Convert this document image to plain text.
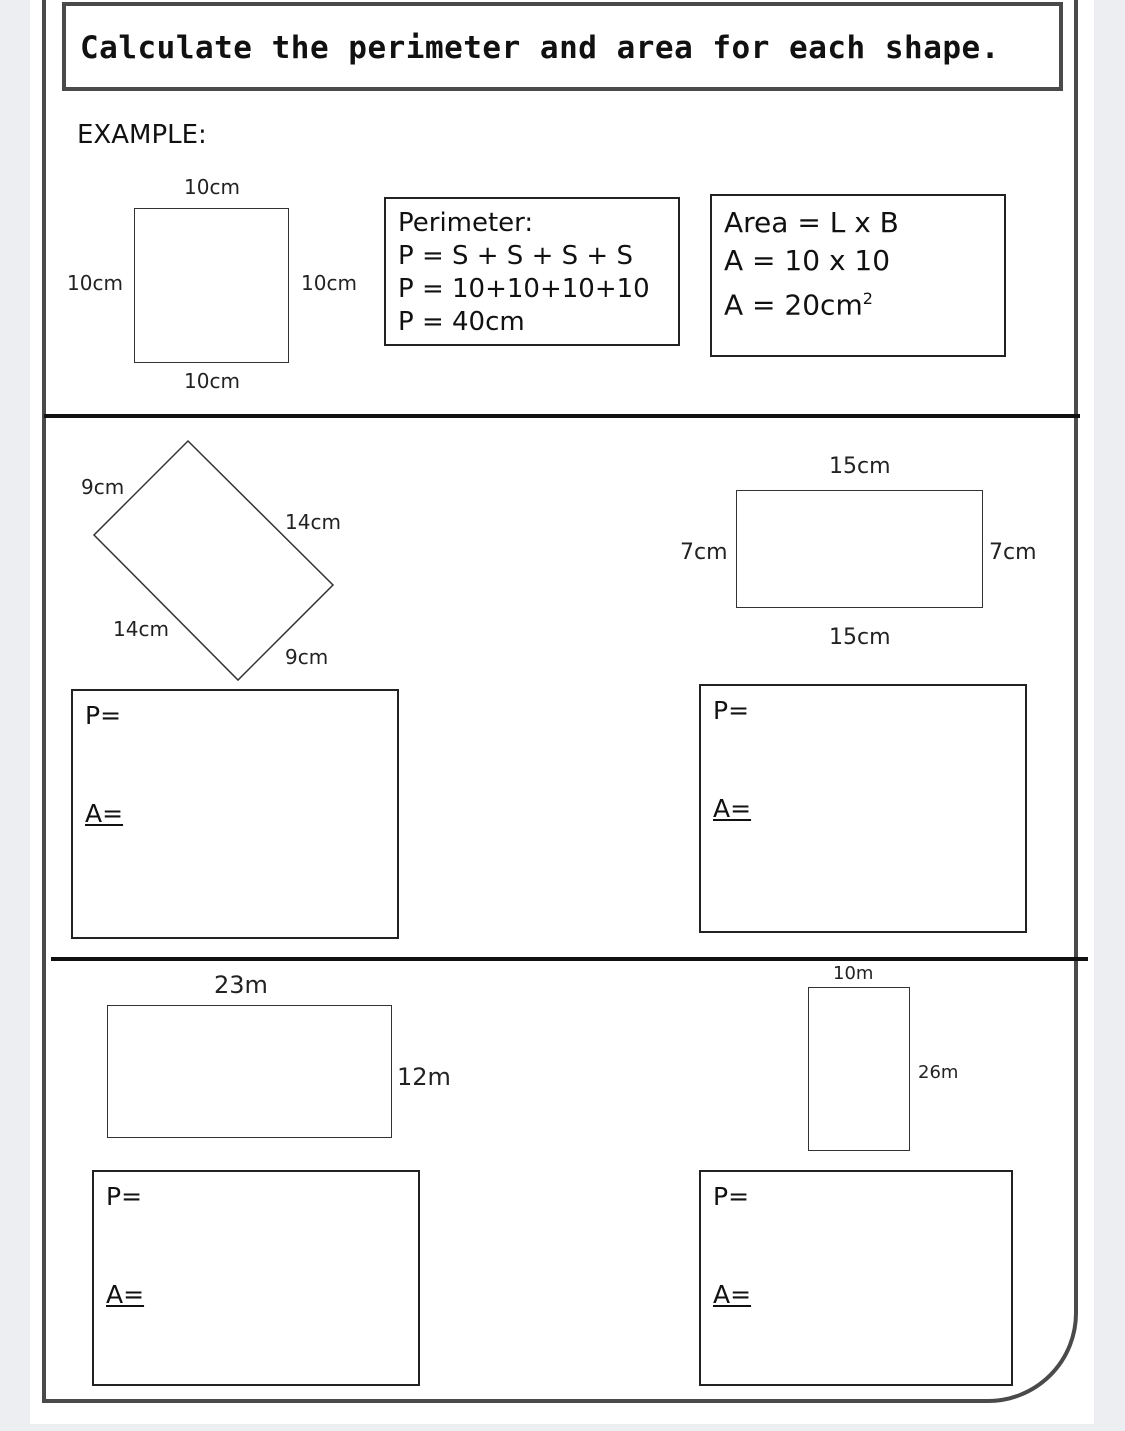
Calculate the perimeter and area for each shape.
EXAMPLE:
10cm
10cm	10cm
10cm
Perimeter:
P = S + S + S + S
P = 10+10+10+10
P = 40cm
Area = L x B
A = 10 x 10
$A = 20cm^2$
9cm
14cm
14cm
9cm
15cm
7cm	7cm
15cm
P=
A=
P=
A=
23m
12m
10m
26m
P=
A=
P=
A=
